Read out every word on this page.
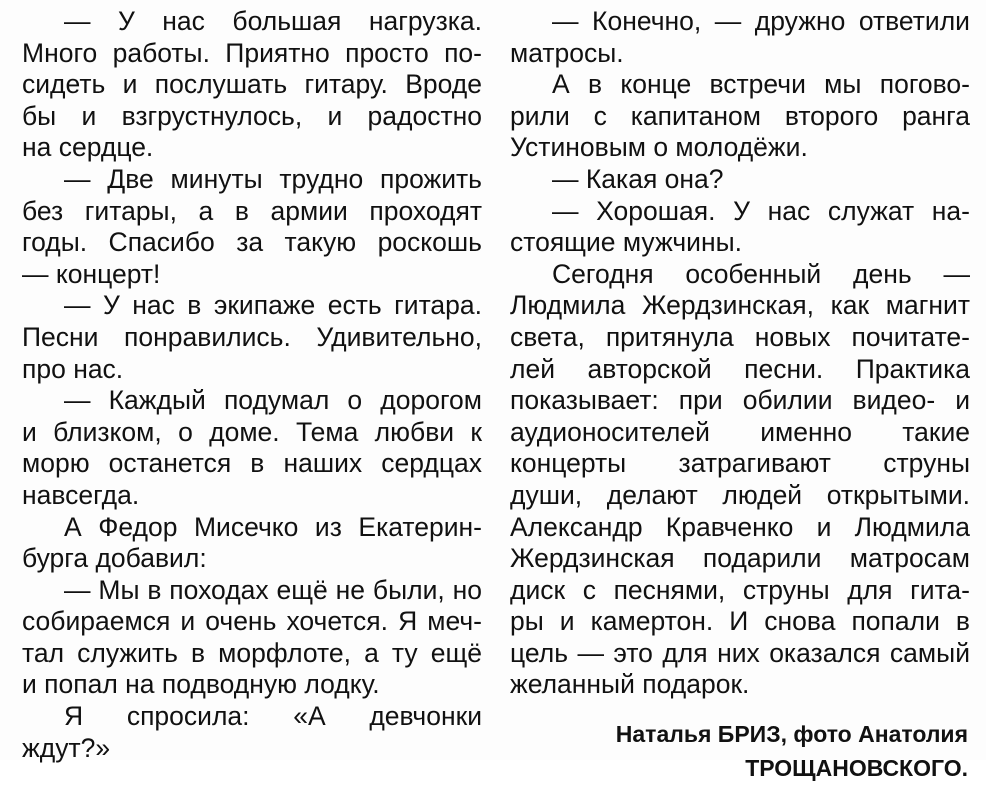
— У нас большая нагрузка.
Много работы. Приятно просто по-
сидеть и послушать гитару. Вроде
бы и взгрустнулось, и радостно
на сердце.
— Две минуты трудно прожить
без гитары, а в армии проходят
годы. Спасибо за такую роскошь
— концерт!
— У нас в экипаже есть гитара.
Песни понравились. Удивительно,
про нас.
— Каждый подумал о дорогом
и близком, о доме. Тема любви к
морю останется в наших сердцах
навсегда.
А Федор Мисечко из Екатерин-
бурга добавил:
— Мы в походах ещё не были, но
собираемся и очень хочется. Я меч-
тал служить в морфлоте, а ту ещё
и попал на подводную лодку.
Я спросила: «А девчонки
ждут?»
— Конечно, — дружно ответили
матросы.
А в конце встречи мы погово-
рили с капитаном второго ранга
Устиновым о молодёжи.
— Какая она?
— Хорошая. У нас служат на-
стоящие мужчины.
Сегодня особенный день —
Людмила Жердзинская, как магнит
света, притянула новых почитате-
лей авторской песни. Практика
показывает: при обилии видео- и
аудионосителей именно такие
концерты затрагивают струны
души, делают людей открытыми.
Александр Кравченко и Людмила
Жердзинская подарили матросам
диск с песнями, струны для гита-
ры и камертон. И снова попали в
цель — это для них оказался самый
желанный подарок.
Наталья БРИЗ, фото Анатолия
ТРОЩАНОВСКОГО.
